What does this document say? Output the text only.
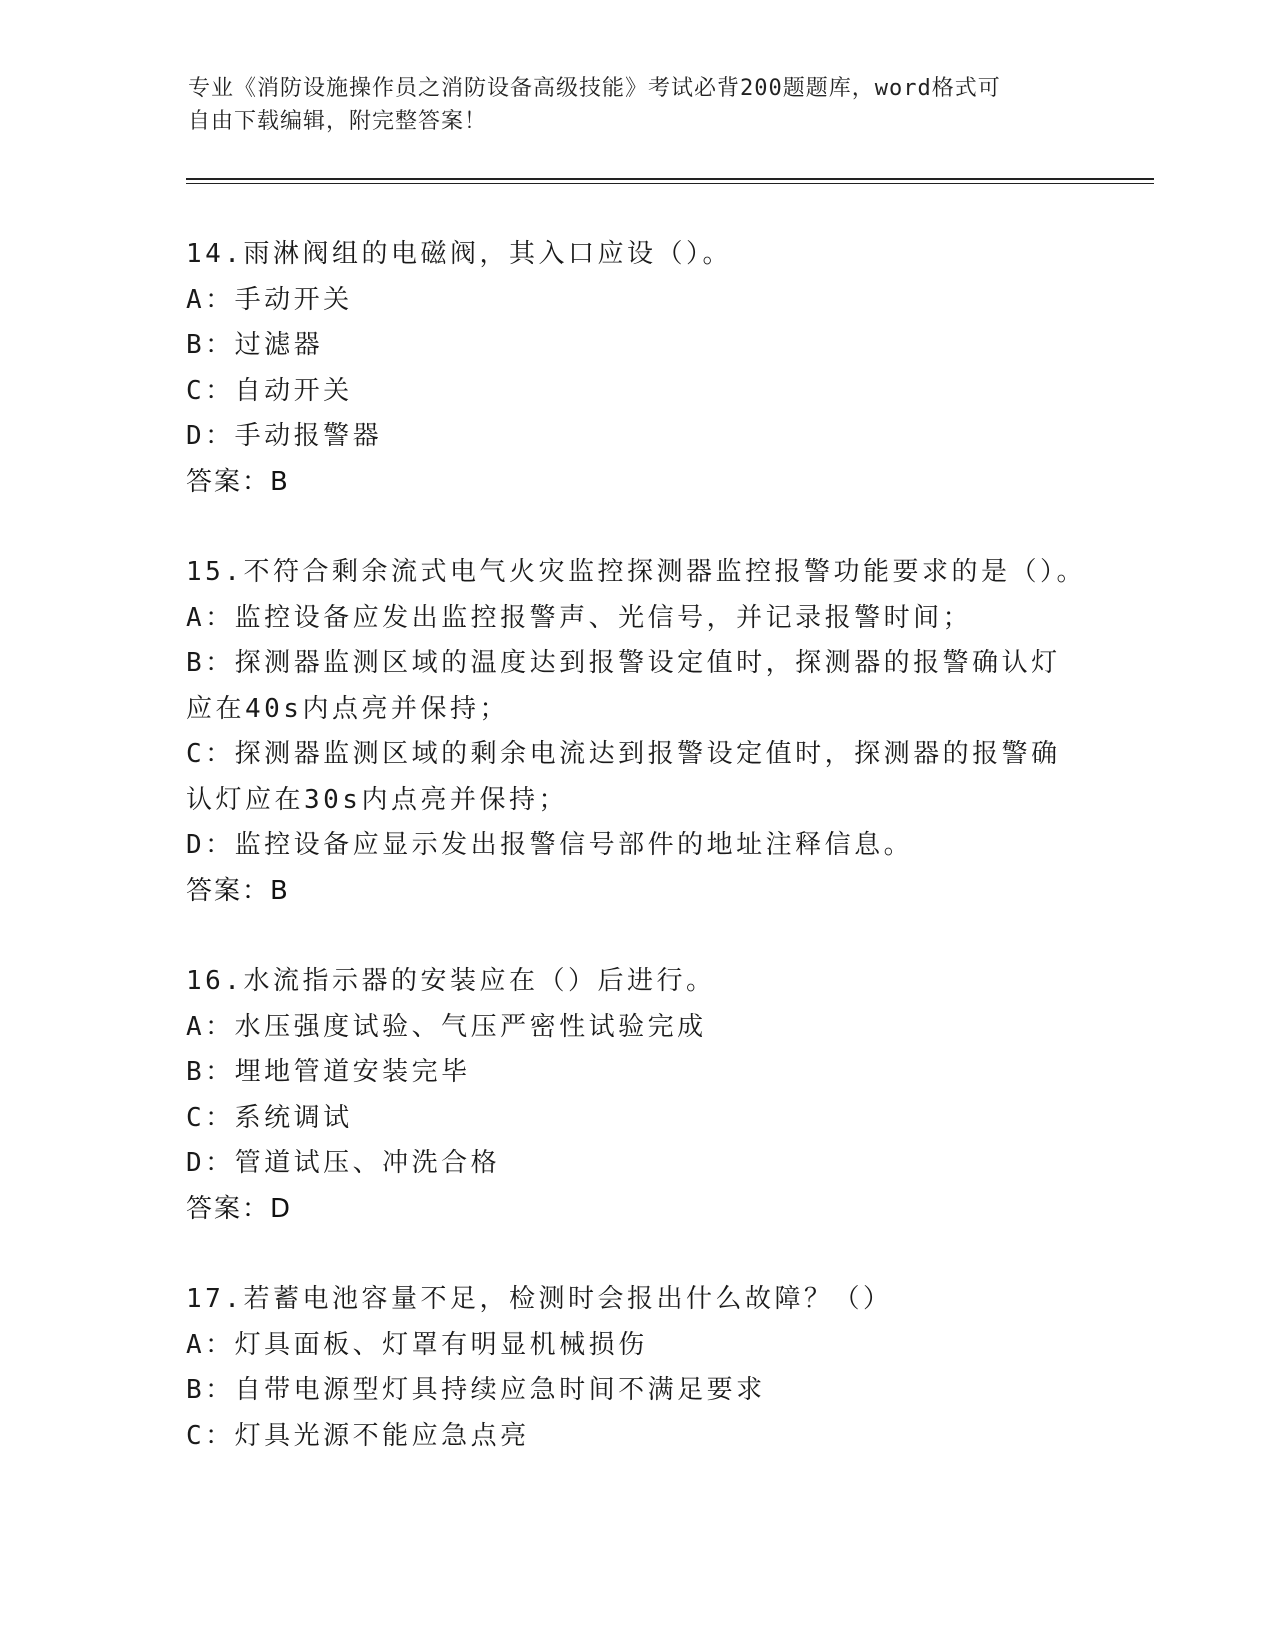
专业《消防设施操作员之消防设备高级技能》考试必背200题题库，word格式可
自由下载编辑，附完整答案！
14.雨淋阀组的电磁阀，其入口应设（）。
A：手动开关
B：过滤器
C：自动开关
D：手动报警器
答案：B
15.不符合剩余流式电气火灾监控探测器监控报警功能要求的是（）。
A：监控设备应发出监控报警声、光信号，并记录报警时间；
B：探测器监测区域的温度达到报警设定值时，探测器的报警确认灯应在40s内点亮并保持；
C：探测器监测区域的剩余电流达到报警设定值时，探测器的报警确认灯应在30s内点亮并保持；
D：监控设备应显示发出报警信号部件的地址注释信息。
答案：B
16.水流指示器的安装应在（）后进行。
A：水压强度试验、气压严密性试验完成
B：埋地管道安装完毕
C：系统调试
D：管道试压、冲洗合格
答案：D
17.若蓄电池容量不足，检测时会报出什么故障？（）
A：灯具面板、灯罩有明显机械损伤
B：自带电源型灯具持续应急时间不满足要求
C：灯具光源不能应急点亮
